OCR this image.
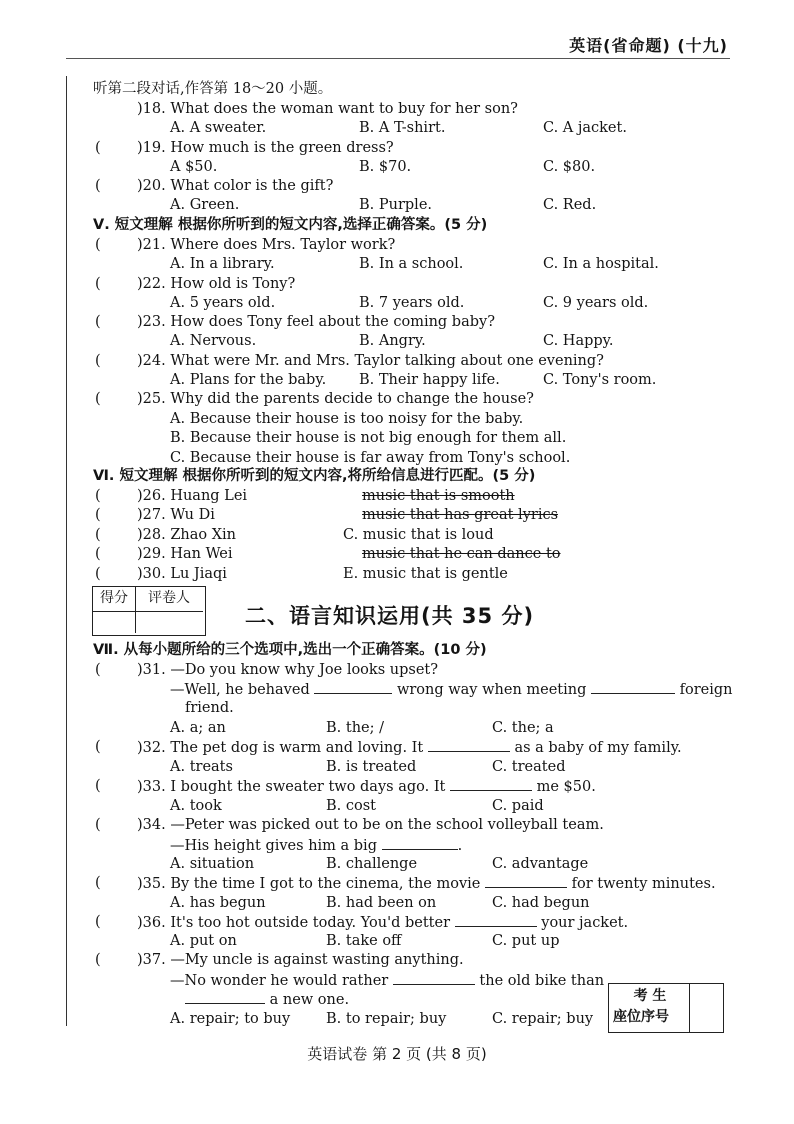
英语(省命题) (十九)
听第二段对话,作答第 18～20 小题。
)18. What does the woman want to buy for her son?
A. A sweater.	B. A T-shirt.	C. A jacket.
(	)19. How much is the green dress?
A $50.	B. $70.	C. $80.
(	)20. What color is the gift?
A. Green.	B. Purple.	C. Red.
Ⅴ. 短文理解 根据你所听到的短文内容,选择正确答案。(5 分)
(	)21. Where does Mrs. Taylor work?
A. In a library.	B. In a school.	C. In a hospital.
(	)22. How old is Tony?
A. 5 years old.	B. 7 years old.	C. 9 years old.
(	)23. How does Tony feel about the coming baby?
A. Nervous.	B. Angry.	C. Happy.
(	)24. What were Mr. and Mrs. Taylor talking about one evening?
A. Plans for the baby. B. Their happy life.	C. Tony's room.
(	)25. Why did the parents decide to change the house?
A. Because their house is too noisy for the baby.
B. Because their house is not big enough for them all.
C. Because their house is far away from Tony's school.
Ⅵ. 短文理解 根据你所听到的短文内容,将所给信息进行匹配。(5 分)
(	)26. Huang Lei	music that is smooth
(	)27. Wu Di	music that has great lyrics
(	)28. Zhao Xin	C. music that is loud
(	)29. Han Wei	music that he can dance to
(	)30. Lu Jiaqi	E. music that is gentle
得分	评卷人
二、语言知识运用(共 35 分)
Ⅶ. 从每小题所给的三个选项中,选出一个正确答案。(10 分)
(	)31. —Do you know why Joe looks upset?
—Well, he behaved	wrong way when meeting	foreign
friend.
A. a; an	B. the; /	C. the; a
(	)32. The pet dog is warm and loving. It	as a baby of my family.
A. treats	B. is treated	C. treated
(	)33. I bought the sweater two days ago. It	me $50.
A. took	B. cost	C. paid
(	)34. —Peter was picked out to be on the school volleyball team.
—His height gives him a big	.
A. situation	B. challenge	C. advantage
(	)35. By the time I got to the cinema, the movie	for twenty minutes.
A. has begun	B. had been on	C. had begun
(	)36. It's too hot outside today. You'd better	your jacket.
A. put on	B. take off	C. put up
(	)37. —My uncle is against wasting anything.
—No wonder he would rather	the old bike than
a new one.
A. repair; to buy B. to repair; buy	C. repair; buy
考 生
座位序号
英语试卷 第 2 页 (共 8 页)
